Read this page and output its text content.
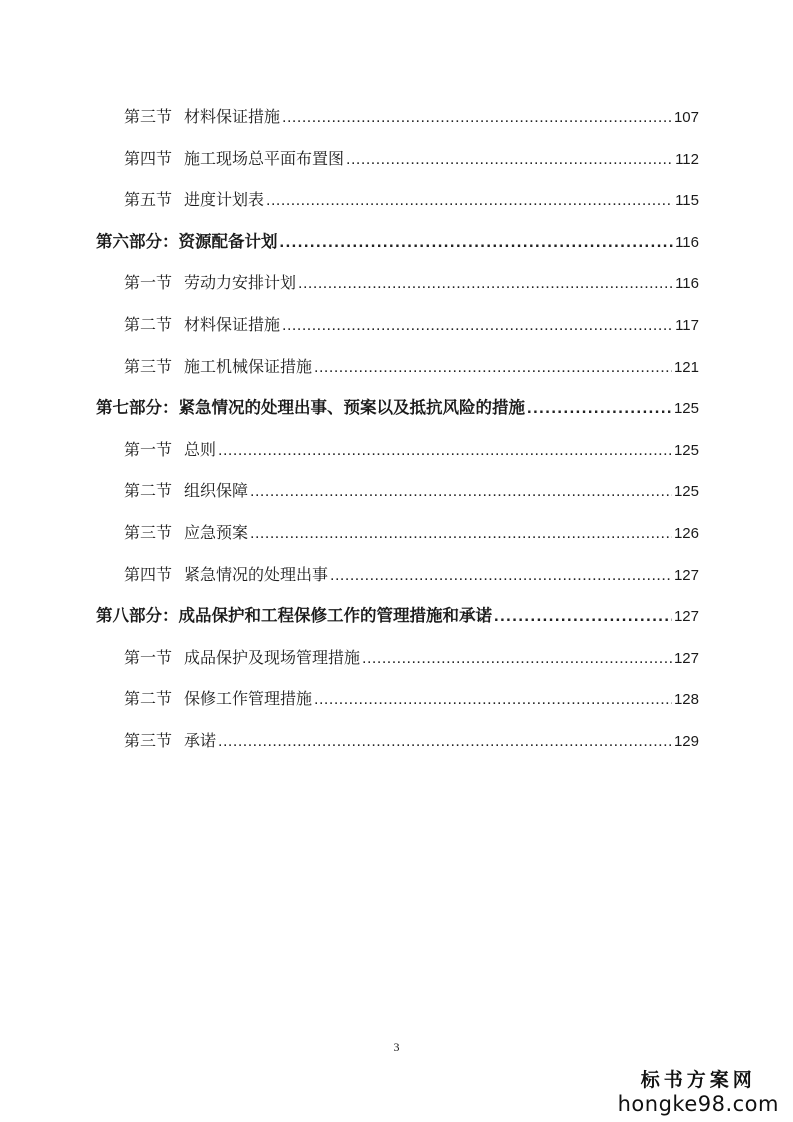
第三节 材料保证措施 .....	107
第四节 施工现场总平面布置图 .....	112
第五节 进度计划表 .....	115
第六部分：资源配备计划 .....	116
第一节 劳动力安排计划 .....	116
第二节 材料保证措施 .....	117
第三节 施工机械保证措施 .....	121
第七部分：紧急情况的处理出事、预案以及抵抗风险的措施 .....	125
第一节 总则 .....	125
第二节 组织保障 .....	125
第三节 应急预案 .....	126
第四节 紧急情况的处理出事 .....	127
第八部分：成品保护和工程保修工作的管理措施和承诺 .....	127
第一节 成品保护及现场管理措施 .....	127
第二节 保修工作管理措施 .....	128
第三节 承诺 .....	129
3
标书方案网
hongke98.com
